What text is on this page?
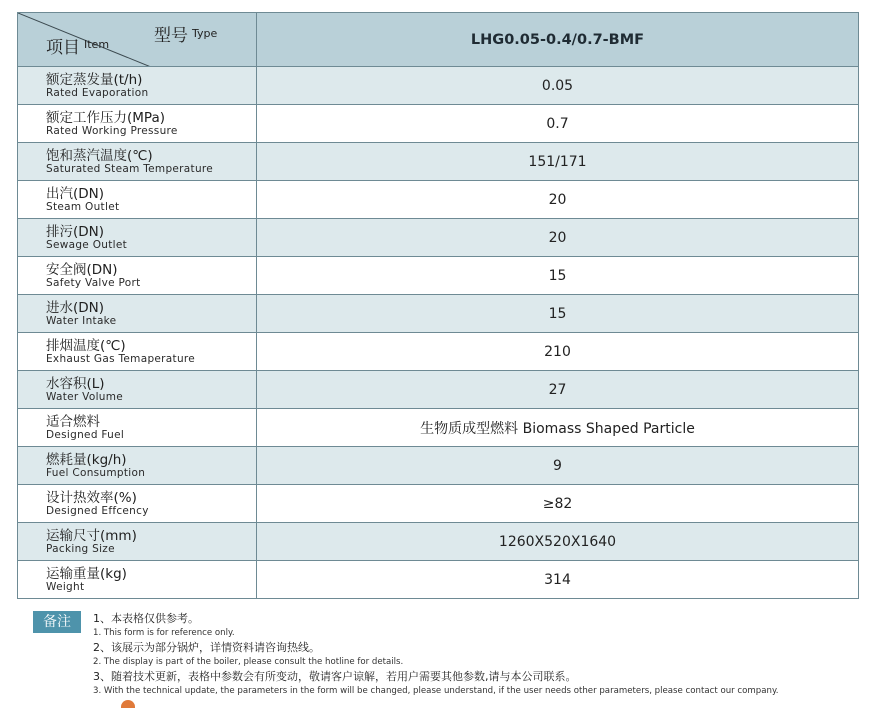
项目 Item 型号 Type	LHG0.05-0.4/0.7-BMF

额定蒸发量(t/h)
Rated Evaporation	0.05

额定工作压力(MPa)
Rated Working Pressure	0.7

饱和蒸汽温度(℃)
Saturated Steam Temperature	151/171

出汽(DN)
Steam Outlet	20

排污(DN)
Sewage Outlet	20

安全阀(DN)
Safety Valve Port	15

进水(DN)
Water Intake	15

排烟温度(℃)
Exhaust Gas Temaperature	210

水容积(L)
Water Volume	27

适合燃料
Designed Fuel	生物质成型燃料 Biomass Shaped Particle

燃耗量(kg/h)
Fuel Consumption	9

设计热效率(%)
Designed Effcency	≥82

运输尺寸(mm)
Packing Size	1260X520X1640

运输重量(kg)
Weight	314
备注	1、本表格仅供参考。
1. This form is for reference only.
2、该展示为部分锅炉，详情资料请咨询热线。
2. The display is part of the boiler, please consult the hotline for details.
3、随着技术更新，表格中参数会有所变动，敬请客户谅解，若用户需要其他参数,请与本公司联系。
3. With the technical update, the parameters in the form will be changed, please understand, if the user needs other parameters, please contact our company.
